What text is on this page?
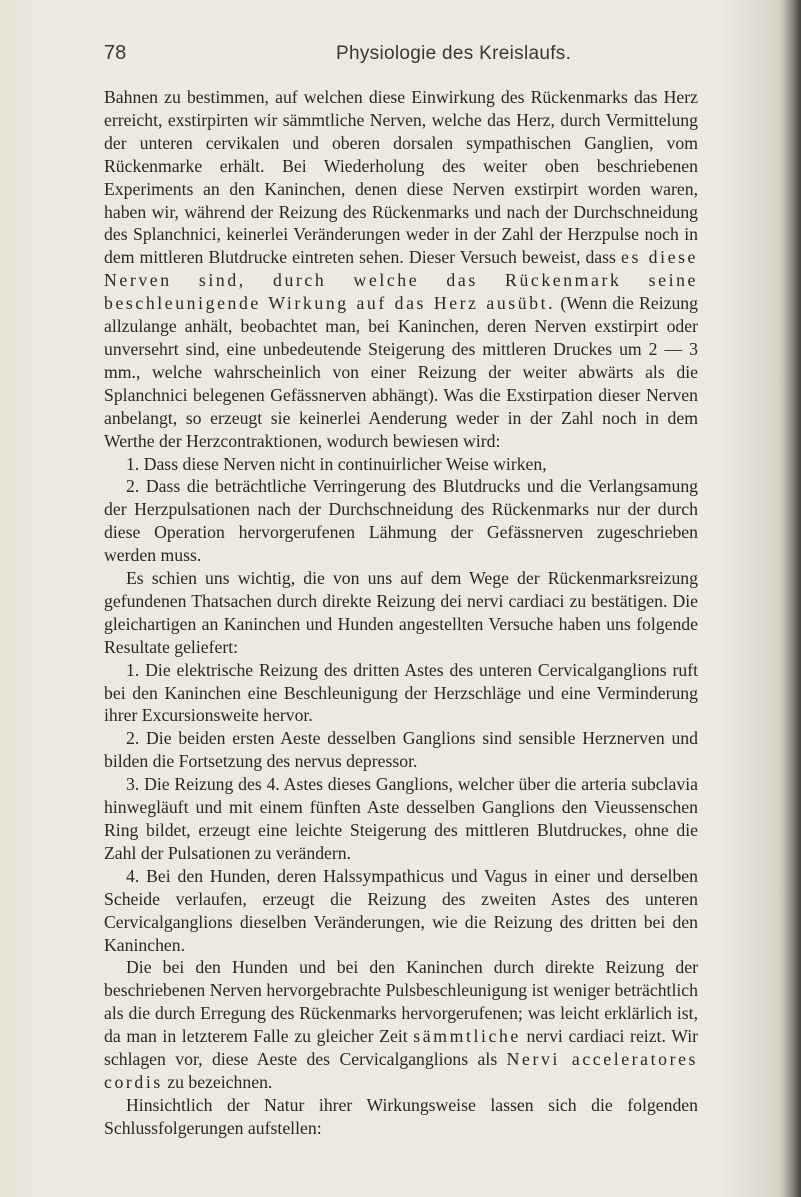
78	Physiologie des Kreislaufs.

Bahnen zu bestimmen, auf welchen diese Einwirkung des Rückenmarks das Herz erreicht, exstirpirten wir sämmtliche Nerven, welche das Herz, durch Vermittelung der unteren cervikalen und oberen dorsalen sympathischen Ganglien, vom Rückenmarke erhält. Bei Wiederholung des weiter oben beschriebenen Experiments an den Kaninchen, denen diese Nerven exstirpirt worden waren, haben wir, während der Reizung des Rückenmarks und nach der Durchschneidung des Splanchnici, keinerlei Veränderungen weder in der Zahl der Herzpulse noch in dem mittleren Blutdrucke eintreten sehen. Dieser Versuch beweist, dass es diese Nerven sind, durch welche das Rückenmark seine beschleunigende Wirkung auf das Herz ausübt. (Wenn die Reizung allzulange anhält, beobachtet man, bei Kaninchen, deren Nerven exstirpirt oder unversehrt sind, eine unbedeutende Steigerung des mittleren Druckes um 2 — 3 mm., welche wahrscheinlich von einer Reizung der weiter abwärts als die Splanchnici belegenen Gefässnerven abhängt). Was die Exstirpation dieser Nerven anbelangt, so erzeugt sie keinerlei Aenderung weder in der Zahl noch in dem Werthe der Herzcontraktionen, wodurch bewiesen wird:

1. Dass diese Nerven nicht in continuirlicher Weise wirken,

2. Dass die beträchtliche Verringerung des Blutdrucks und die Verlangsamung der Herzpulsationen nach der Durchschneidung des Rückenmarks nur der durch diese Operation hervorgerufenen Lähmung der Gefässnerven zugeschrieben werden muss.

Es schien uns wichtig, die von uns auf dem Wege der Rückenmarksreizung gefundenen Thatsachen durch direkte Reizung dei nervi cardiaci zu bestätigen. Die gleichartigen an Kaninchen und Hunden angestellten Versuche haben uns folgende Resultate geliefert:

1. Die elektrische Reizung des dritten Astes des unteren Cervicalganglions ruft bei den Kaninchen eine Beschleunigung der Herzschläge und eine Verminderung ihrer Excursionsweite hervor.

2. Die beiden ersten Aeste desselben Ganglions sind sensible Herznerven und bilden die Fortsetzung des nervus depressor.

3. Die Reizung des 4. Astes dieses Ganglions, welcher über die arteria subclavia hinwegläuft und mit einem fünften Aste desselben Ganglions den Vieussenschen Ring bildet, erzeugt eine leichte Steigerung des mittleren Blutdruckes, ohne die Zahl der Pulsationen zu verändern.

4. Bei den Hunden, deren Halssympathicus und Vagus in einer und derselben Scheide verlaufen, erzeugt die Reizung des zweiten Astes des unteren Cervicalganglions dieselben Veränderungen, wie die Reizung des dritten bei den Kaninchen.

Die bei den Hunden und bei den Kaninchen durch direkte Reizung der beschriebenen Nerven hervorgebrachte Pulsbeschleunigung ist weniger beträchtlich als die durch Erregung des Rückenmarks hervorgerufenen; was leicht erklärlich ist, da man in letzterem Falle zu gleicher Zeit sämmtliche nervi cardiaci reizt. Wir schlagen vor, diese Aeste des Cervicalganglions als Nervi acceleratores cordis zu bezeichnen.

Hinsichtlich der Natur ihrer Wirkungsweise lassen sich die folgenden Schlussfolgerungen aufstellen:
